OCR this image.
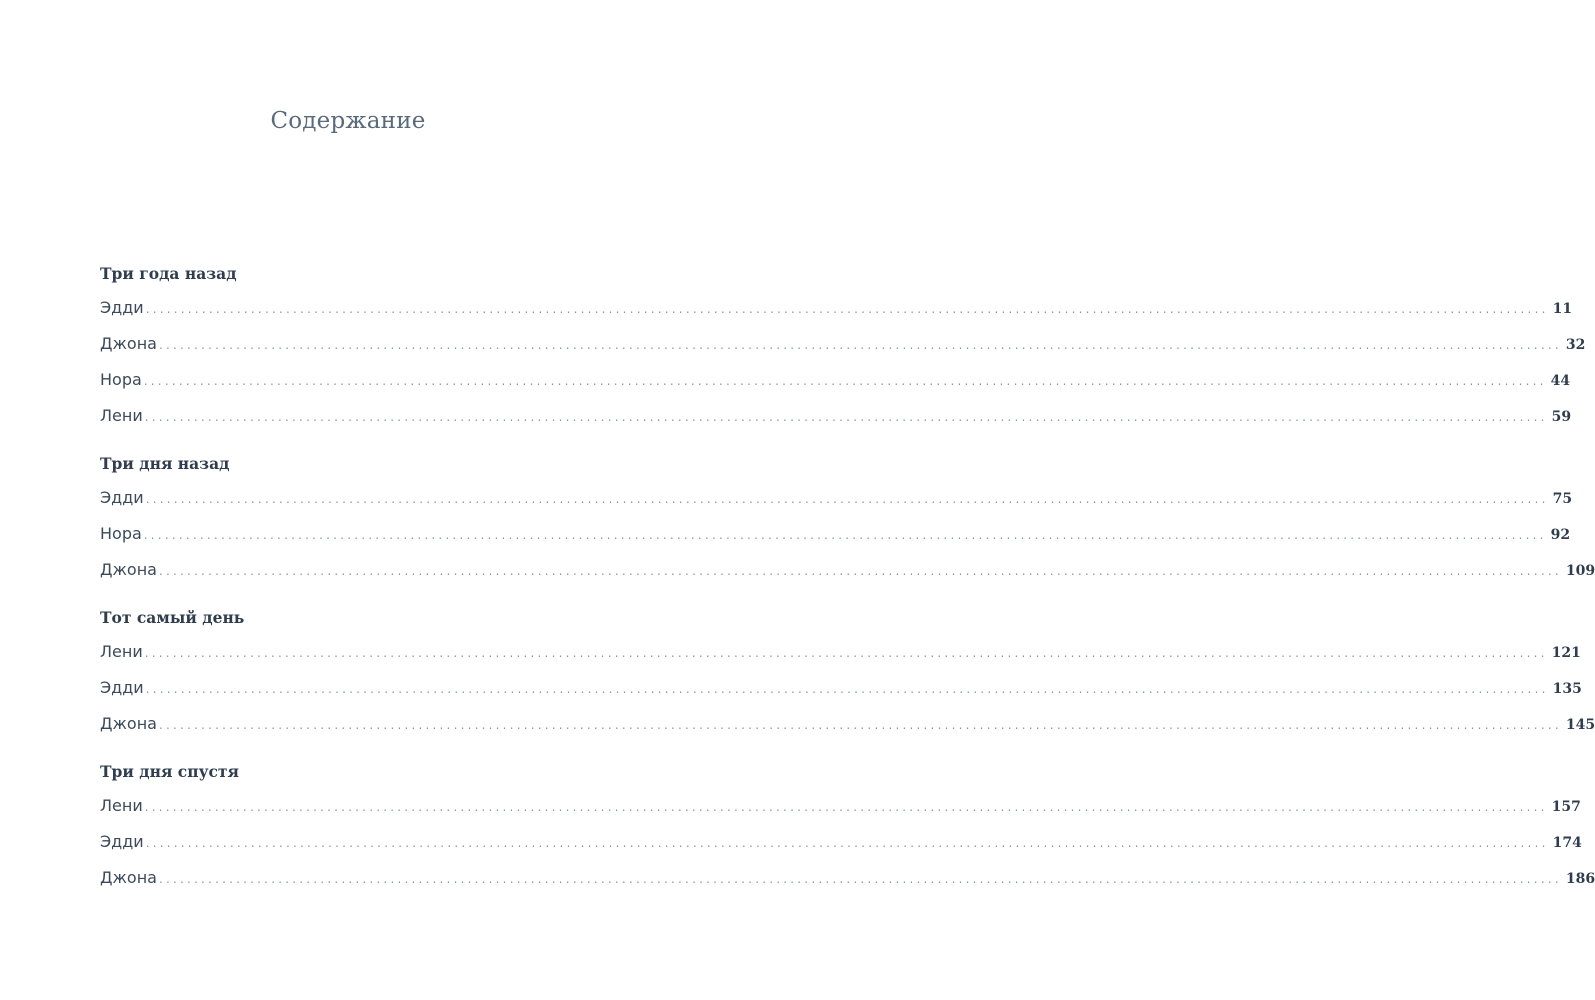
Содержание
Три года назад
Эдди ........................................................................................................................................................................................................ 11
Джона ........................................................................................................................................................................................................ 32
Нора ........................................................................................................................................................................................................ 44
Лени ........................................................................................................................................................................................................ 59
Три дня назад
Эдди ........................................................................................................................................................................................................ 75
Нора ........................................................................................................................................................................................................ 92
Джона ........................................................................................................................................................................................................ 109
Тот самый день
Лени ........................................................................................................................................................................................................ 121
Эдди ........................................................................................................................................................................................................ 135
Джона ........................................................................................................................................................................................................ 145
Три дня спустя
Лени ........................................................................................................................................................................................................ 157
Эдди ........................................................................................................................................................................................................ 174
Джона ........................................................................................................................................................................................................ 186
